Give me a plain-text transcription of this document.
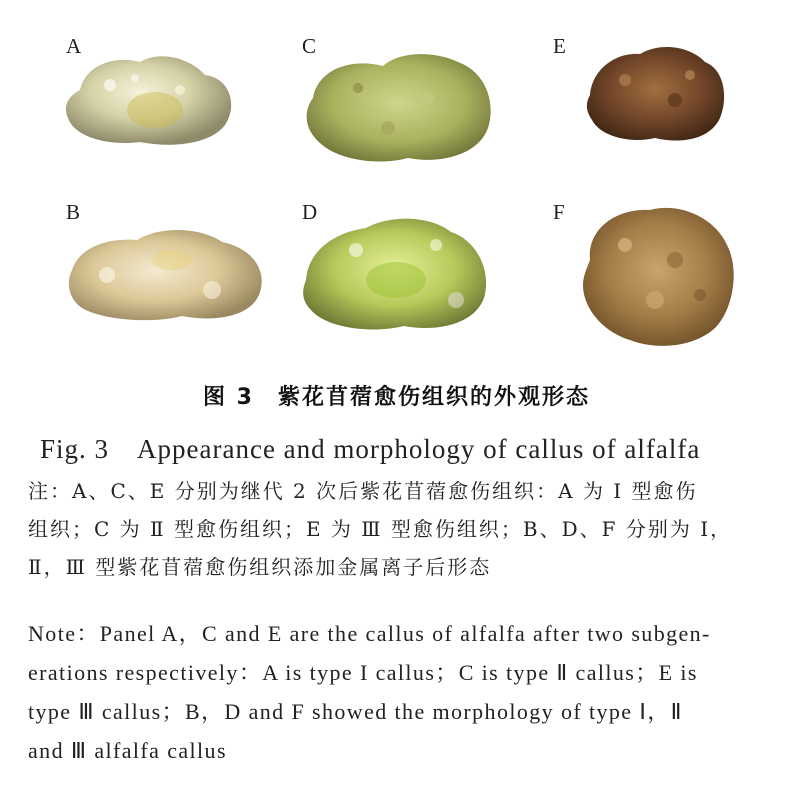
A
B
C
D
E
F
图 3　紫花苜蓿愈伤组织的外观形态
Fig. 3　Appearance and morphology of callus of alfalfa
注：A、C、E 分别为继代 2 次后紫花苜蓿愈伤组织：A 为 I 型愈伤
组织；C 为 Ⅱ 型愈伤组织；E 为 Ⅲ 型愈伤组织；B、D、F 分别为 Ⅰ，
Ⅱ，Ⅲ 型紫花苜蓿愈伤组织添加金属离子后形态
Note：Panel A，C and E are the callus of alfalfa after two subgen-
erations respectively：A is type I callus；C is type Ⅱ callus；E is
type Ⅲ callus；B，D and F showed the morphology of type Ⅰ，Ⅱ
and Ⅲ alfalfa callus
